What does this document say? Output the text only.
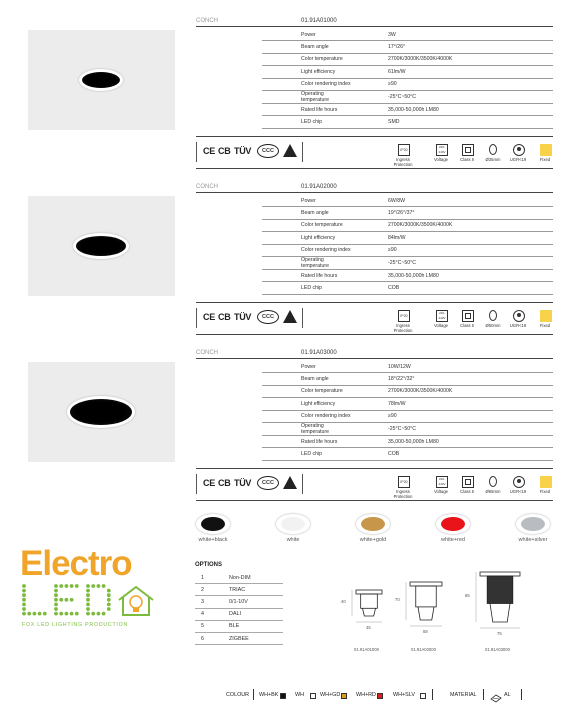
CONCH	01.91A01000
Power	3W
Beam angle	17°/26°
Color temperature	2700K/3000K/3500K/4000K
Light efficiency	61lm/W
Color rendering index	≥90
Operating temperature	-25°C~50°C
Rated life hours	35,000-50,000h LM80
LED chip	SMD
CE CB TÜV	CCC	IP20
Ingress Protection
220-240V
Voltage	Class Ⅱ	Ø35mm	UGR<19	Fixed
CONCH	01.91A02000
Power	6W/8W
Beam angle	19°/26°/37°
Color temperature	2700K/3000K/3500K/4000K
Light efficiency	84lm/W
Color rendering index	≥90
Operating temperature	-25°C~50°C
Rated life hours	35,000-50,000h LM80
LED chip	COB
CE CB TÜV	CCC	IP20
Ingress Protection
220-240V
Voltage	Class Ⅱ	Ø50mm	UGR<19	Fixed
CONCH	01.91A03000
Power	10W/12W
Beam angle	18°/22°/32°
Color temperature	2700K/3000K/3500K/4000K
Light efficiency	78lm/W
Color rendering index	≥90
Operating temperature	-25°C~50°C
Rated life hours	35,000-50,000h LM80
LED chip	COB
CE CB TÜV	CCC	IP20
Ingress Protection
220-240V
Voltage	Class Ⅱ	Ø65mm	UGR<19	Fixed
white+black	white	white+gold	white+red	white+silver
Electro
FOX LED LIGHTING PRODUCTION
OPTIONS
1	Non-DIM
2	TRIAC
3	0/1-10V
4	DALI
5	BLE
6	ZIGBEE
40
45
01.91A01000
70
58
01.91A02000
85
75
01.91A03000
COLOUR WH+BK	WH	WH+GD	WH+RD	WH+SLV	MATERIAL	AL
